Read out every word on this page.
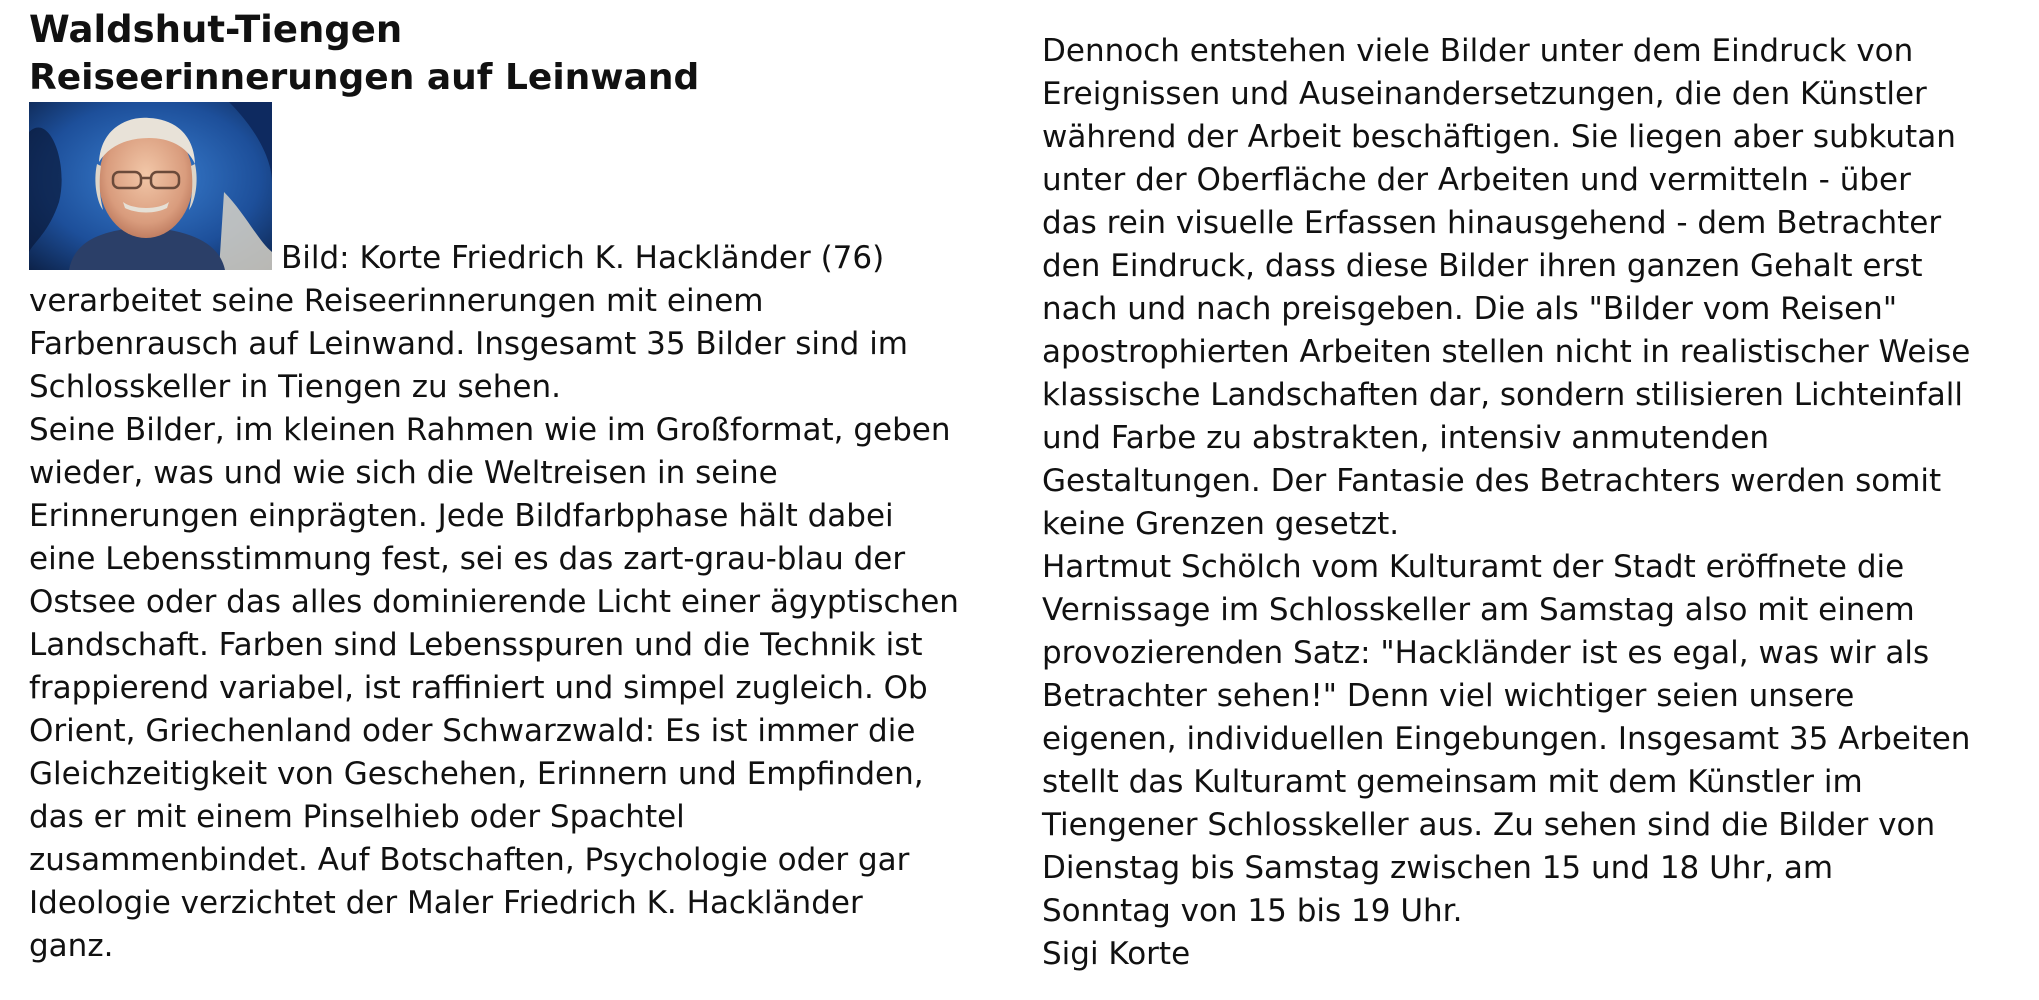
Waldshut-Tiengen
Reiseerinnerungen auf Leinwand
Bild: Korte Friedrich K. Hackländer (76)
verarbeitet seine Reiseerinnerungen mit einem
Farbenrausch auf Leinwand. Insgesamt 35 Bilder sind im
Schlosskeller in Tiengen zu sehen.
Seine Bilder, im kleinen Rahmen wie im Großformat, geben
wieder, was und wie sich die Weltreisen in seine
Erinnerungen einprägten. Jede Bildfarbphase hält dabei
eine Lebensstimmung fest, sei es das zart-grau-blau der
Ostsee oder das alles dominierende Licht einer ägyptischen
Landschaft. Farben sind Lebensspuren und die Technik ist
frappierend variabel, ist raffiniert und simpel zugleich. Ob
Orient, Griechenland oder Schwarzwald: Es ist immer die
Gleichzeitigkeit von Geschehen, Erinnern und Empfinden,
das er mit einem Pinselhieb oder Spachtel
zusammenbindet. Auf Botschaften, Psychologie oder gar
Ideologie verzichtet der Maler Friedrich K. Hackländer
ganz.
Dennoch entstehen viele Bilder unter dem Eindruck von
Ereignissen und Auseinandersetzungen, die den Künstler
während der Arbeit beschäftigen. Sie liegen aber subkutan
unter der Oberfläche der Arbeiten und vermitteln - über
das rein visuelle Erfassen hinausgehend - dem Betrachter
den Eindruck, dass diese Bilder ihren ganzen Gehalt erst
nach und nach preisgeben. Die als "Bilder vom Reisen"
apostrophierten Arbeiten stellen nicht in realistischer Weise
klassische Landschaften dar, sondern stilisieren Lichteinfall
und Farbe zu abstrakten, intensiv anmutenden
Gestaltungen. Der Fantasie des Betrachters werden somit
keine Grenzen gesetzt.
Hartmut Schölch vom Kulturamt der Stadt eröffnete die
Vernissage im Schlosskeller am Samstag also mit einem
provozierenden Satz: "Hackländer ist es egal, was wir als
Betrachter sehen!" Denn viel wichtiger seien unsere
eigenen, individuellen Eingebungen. Insgesamt 35 Arbeiten
stellt das Kulturamt gemeinsam mit dem Künstler im
Tiengener Schlosskeller aus. Zu sehen sind die Bilder von
Dienstag bis Samstag zwischen 15 und 18 Uhr, am
Sonntag von 15 bis 19 Uhr.
Sigi Korte
